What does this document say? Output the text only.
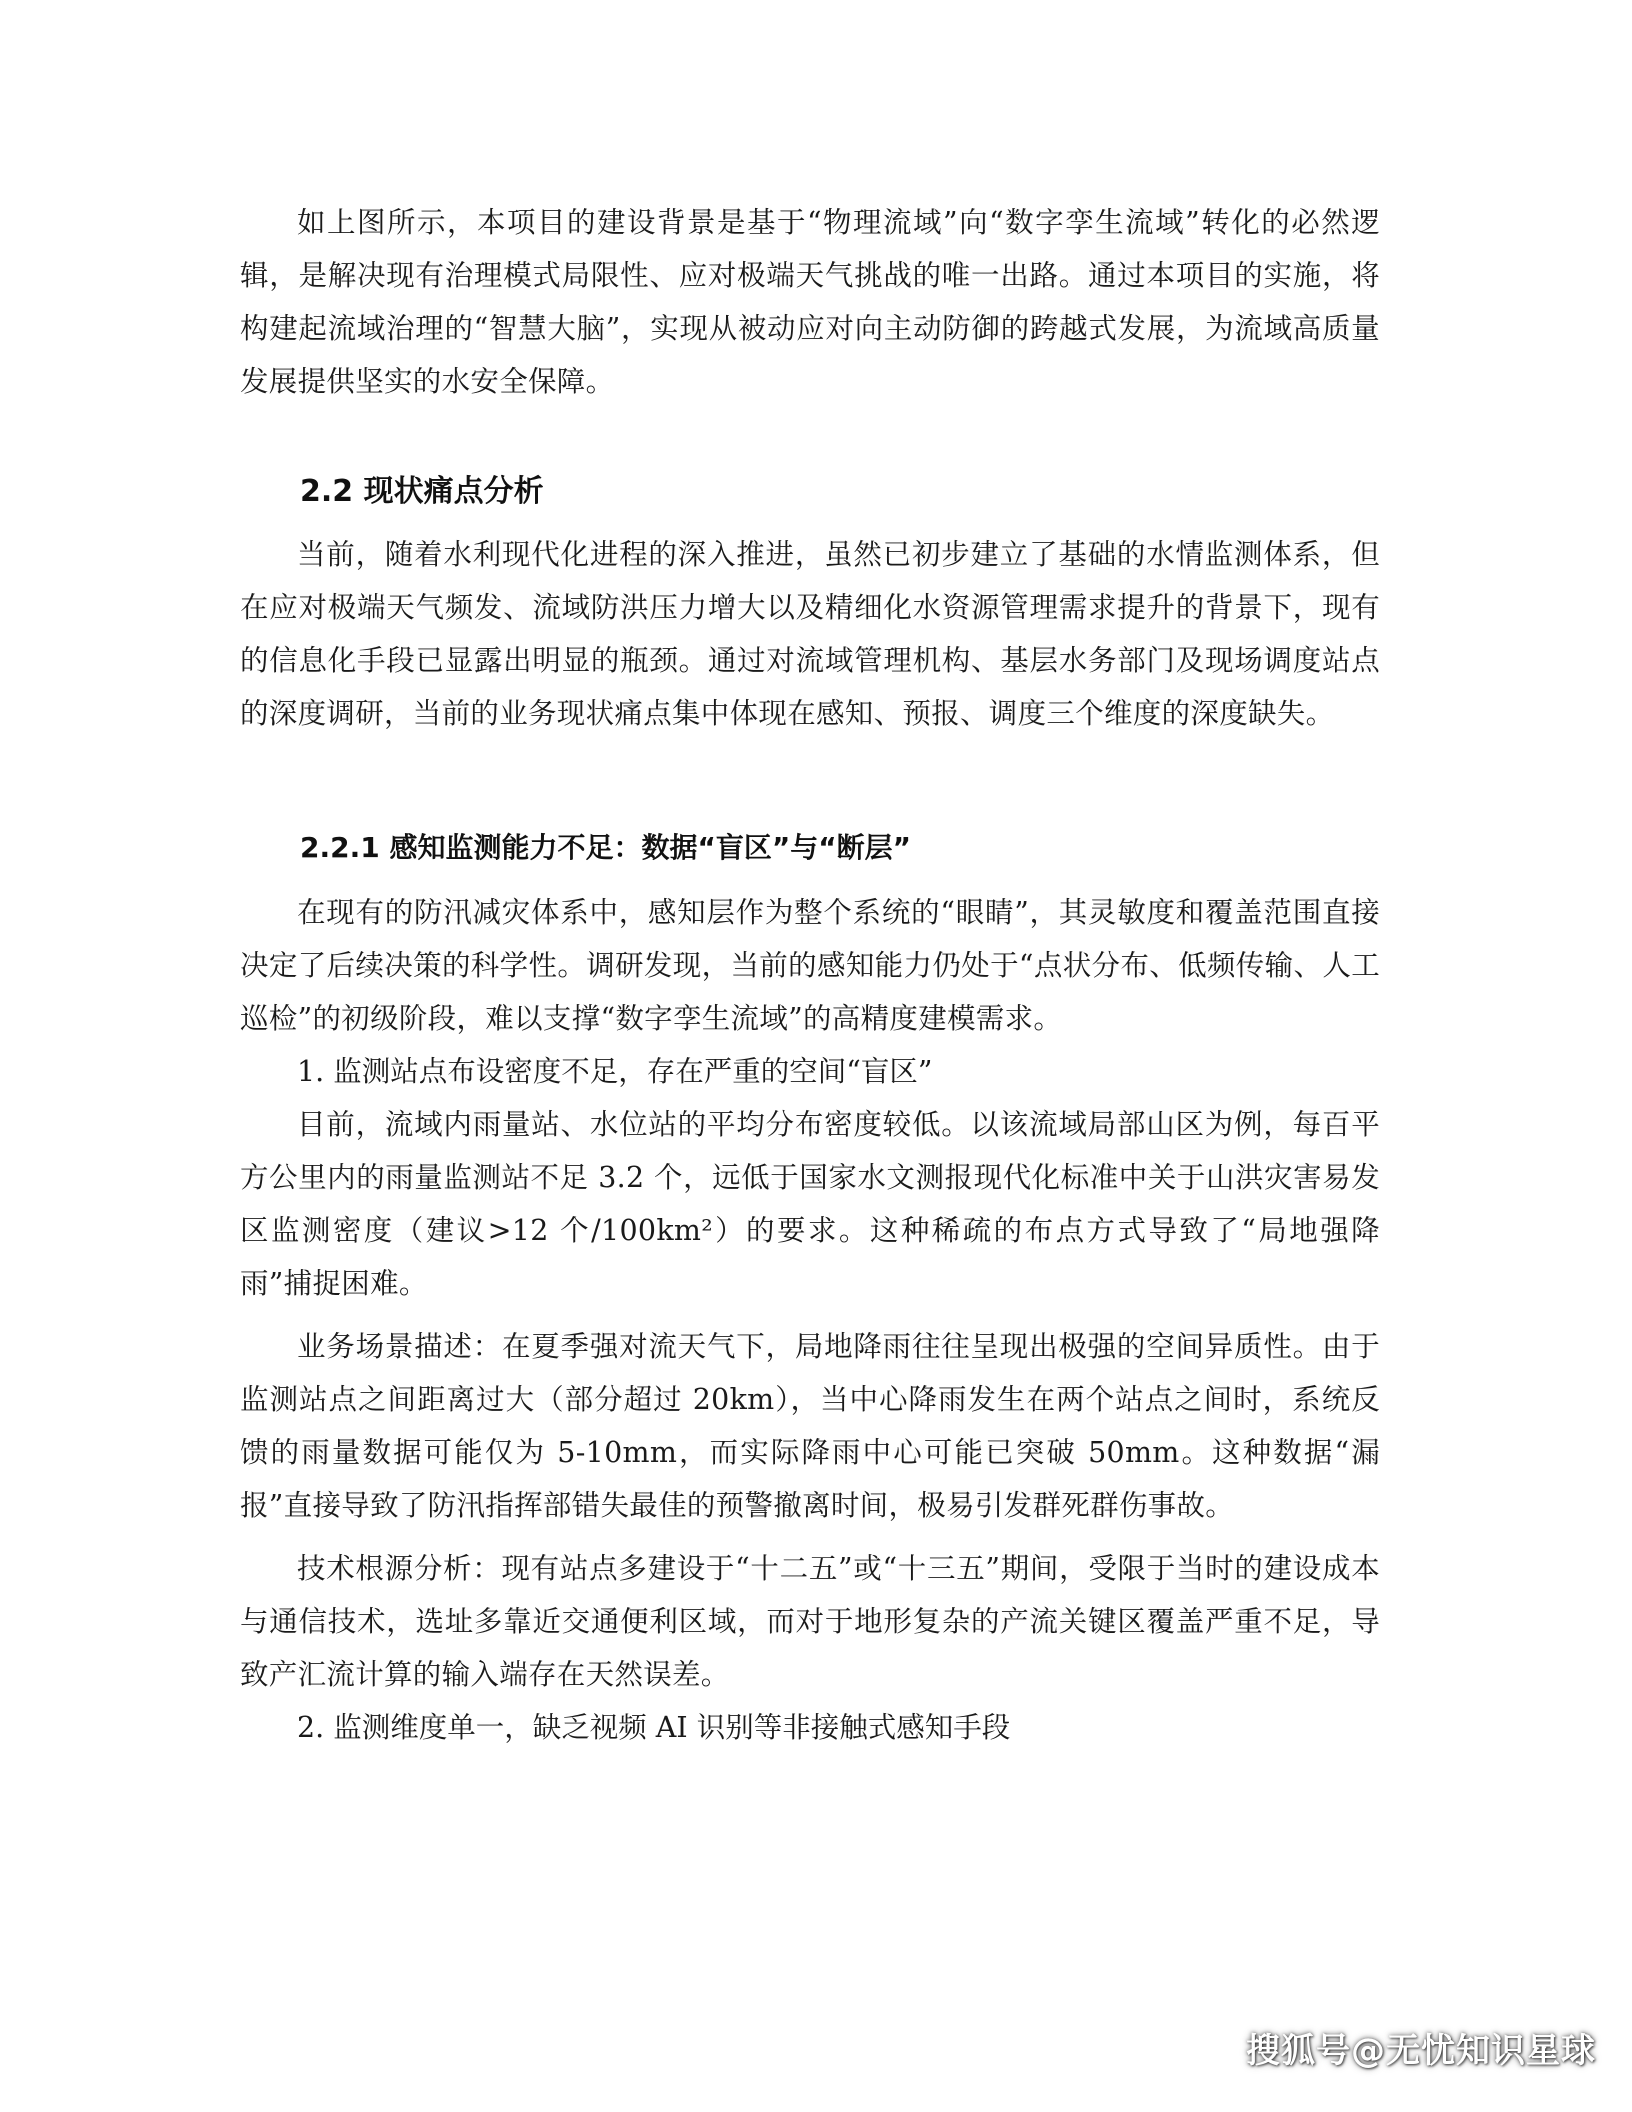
如上图所示，本项目的建设背景是基于“物理流域”向“数字孪生流域”转化的必然逻辑，是解决现有治理模式局限性、应对极端天气挑战的唯一出路。通过本项目的实施，将构建起流域治理的“智慧大脑”，实现从被动应对向主动防御的跨越式发展，为流域高质量发展提供坚实的水安全保障。

2.2 现状痛点分析

当前，随着水利现代化进程的深入推进，虽然已初步建立了基础的水情监测体系，但在应对极端天气频发、流域防洪压力增大以及精细化水资源管理需求提升的背景下，现有的信息化手段已显露出明显的瓶颈。通过对流域管理机构、基层水务部门及现场调度站点的深度调研，当前的业务现状痛点集中体现在感知、预报、调度三个维度的深度缺失。

2.2.1 感知监测能力不足：数据“盲区”与“断层”

在现有的防汛减灾体系中，感知层作为整个系统的“眼睛”，其灵敏度和覆盖范围直接决定了后续决策的科学性。调研发现，当前的感知能力仍处于“点状分布、低频传输、人工巡检”的初级阶段，难以支撑“数字孪生流域”的高精度建模需求。

1. 监测站点布设密度不足，存在严重的空间“盲区”

目前，流域内雨量站、水位站的平均分布密度较低。以该流域局部山区为例，每百平方公里内的雨量监测站不足 3.2 个，远低于国家水文测报现代化标准中关于山洪灾害易发区监测密度（建议>12 个/100km²）的要求。这种稀疏的布点方式导致了“局地强降雨”捕捉困难。

业务场景描述：在夏季强对流天气下，局地降雨往往呈现出极强的空间异质性。由于监测站点之间距离过大（部分超过 20km），当中心降雨发生在两个站点之间时，系统反馈的雨量数据可能仅为 5-10mm，而实际降雨中心可能已突破 50mm。这种数据“漏报”直接导致了防汛指挥部错失最佳的预警撤离时间，极易引发群死群伤事故。

技术根源分析：现有站点多建设于“十二五”或“十三五”期间，受限于当时的建设成本与通信技术，选址多靠近交通便利区域，而对于地形复杂的产流关键区覆盖严重不足，导致产汇流计算的输入端存在天然误差。

2. 监测维度单一，缺乏视频 AI 识别等非接触式感知手段

搜狐号@无忧知识星球
